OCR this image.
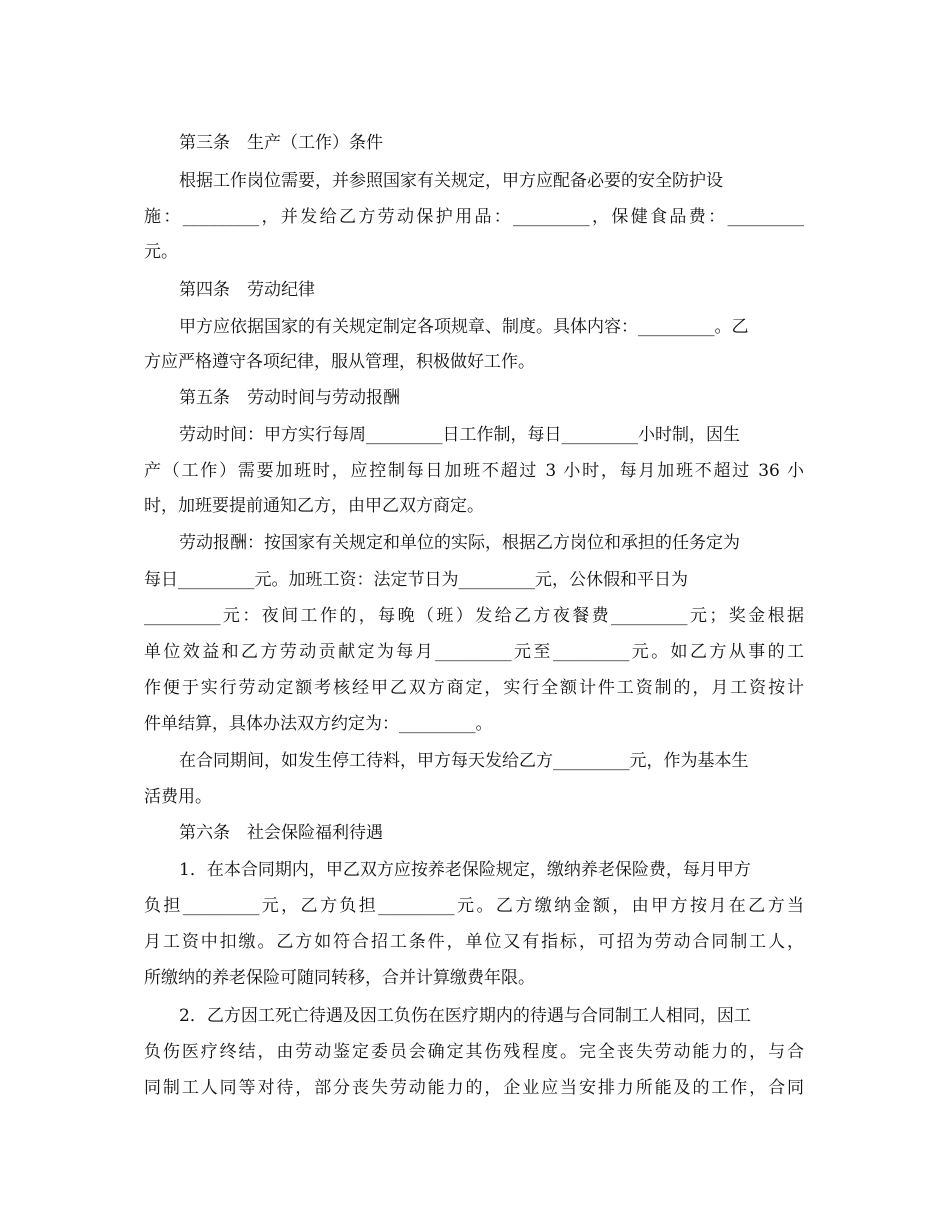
第三条　生产（工作）条件
根据工作岗位需要，并参照国家有关规定，甲方应配备必要的安全防护设
施：_________，并发给乙方劳动保护用品：_________，保健食品费：_________
元。
第四条　劳动纪律
甲方应依据国家的有关规定制定各项规章、制度。具体内容：_________。乙
方应严格遵守各项纪律，服从管理，积极做好工作。
第五条　劳动时间与劳动报酬
劳动时间：甲方实行每周_________日工作制，每日_________小时制，因生
产（工作）需要加班时，应控制每日加班不超过 3 小时，每月加班不超过 36 小
时，加班要提前通知乙方，由甲乙双方商定。
劳动报酬：按国家有关规定和单位的实际，根据乙方岗位和承担的任务定为
每日_________元。加班工资：法定节日为_________元，公休假和平日为
_________元：夜间工作的，每晚（班）发给乙方夜餐费_________元；奖金根据
单位效益和乙方劳动贡献定为每月_________元至_________元。如乙方从事的工
作便于实行劳动定额考核经甲乙双方商定，实行全额计件工资制的，月工资按计
件单结算，具体办法双方约定为：_________。
在合同期间，如发生停工待料，甲方每天发给乙方_________元，作为基本生
活费用。
第六条　社会保险福利待遇
1．在本合同期内，甲乙双方应按养老保险规定，缴纳养老保险费，每月甲方
负担_________元，乙方负担_________元。乙方缴纳金额，由甲方按月在乙方当
月工资中扣缴。乙方如符合招工条件，单位又有指标，可招为劳动合同制工人，
所缴纳的养老保险可随同转移，合并计算缴费年限。
2．乙方因工死亡待遇及因工负伤在医疗期内的待遇与合同制工人相同，因工
负伤医疗终结，由劳动鉴定委员会确定其伤残程度。完全丧失劳动能力的，与合
同制工人同等对待，部分丧失劳动能力的，企业应当安排力所能及的工作，合同
